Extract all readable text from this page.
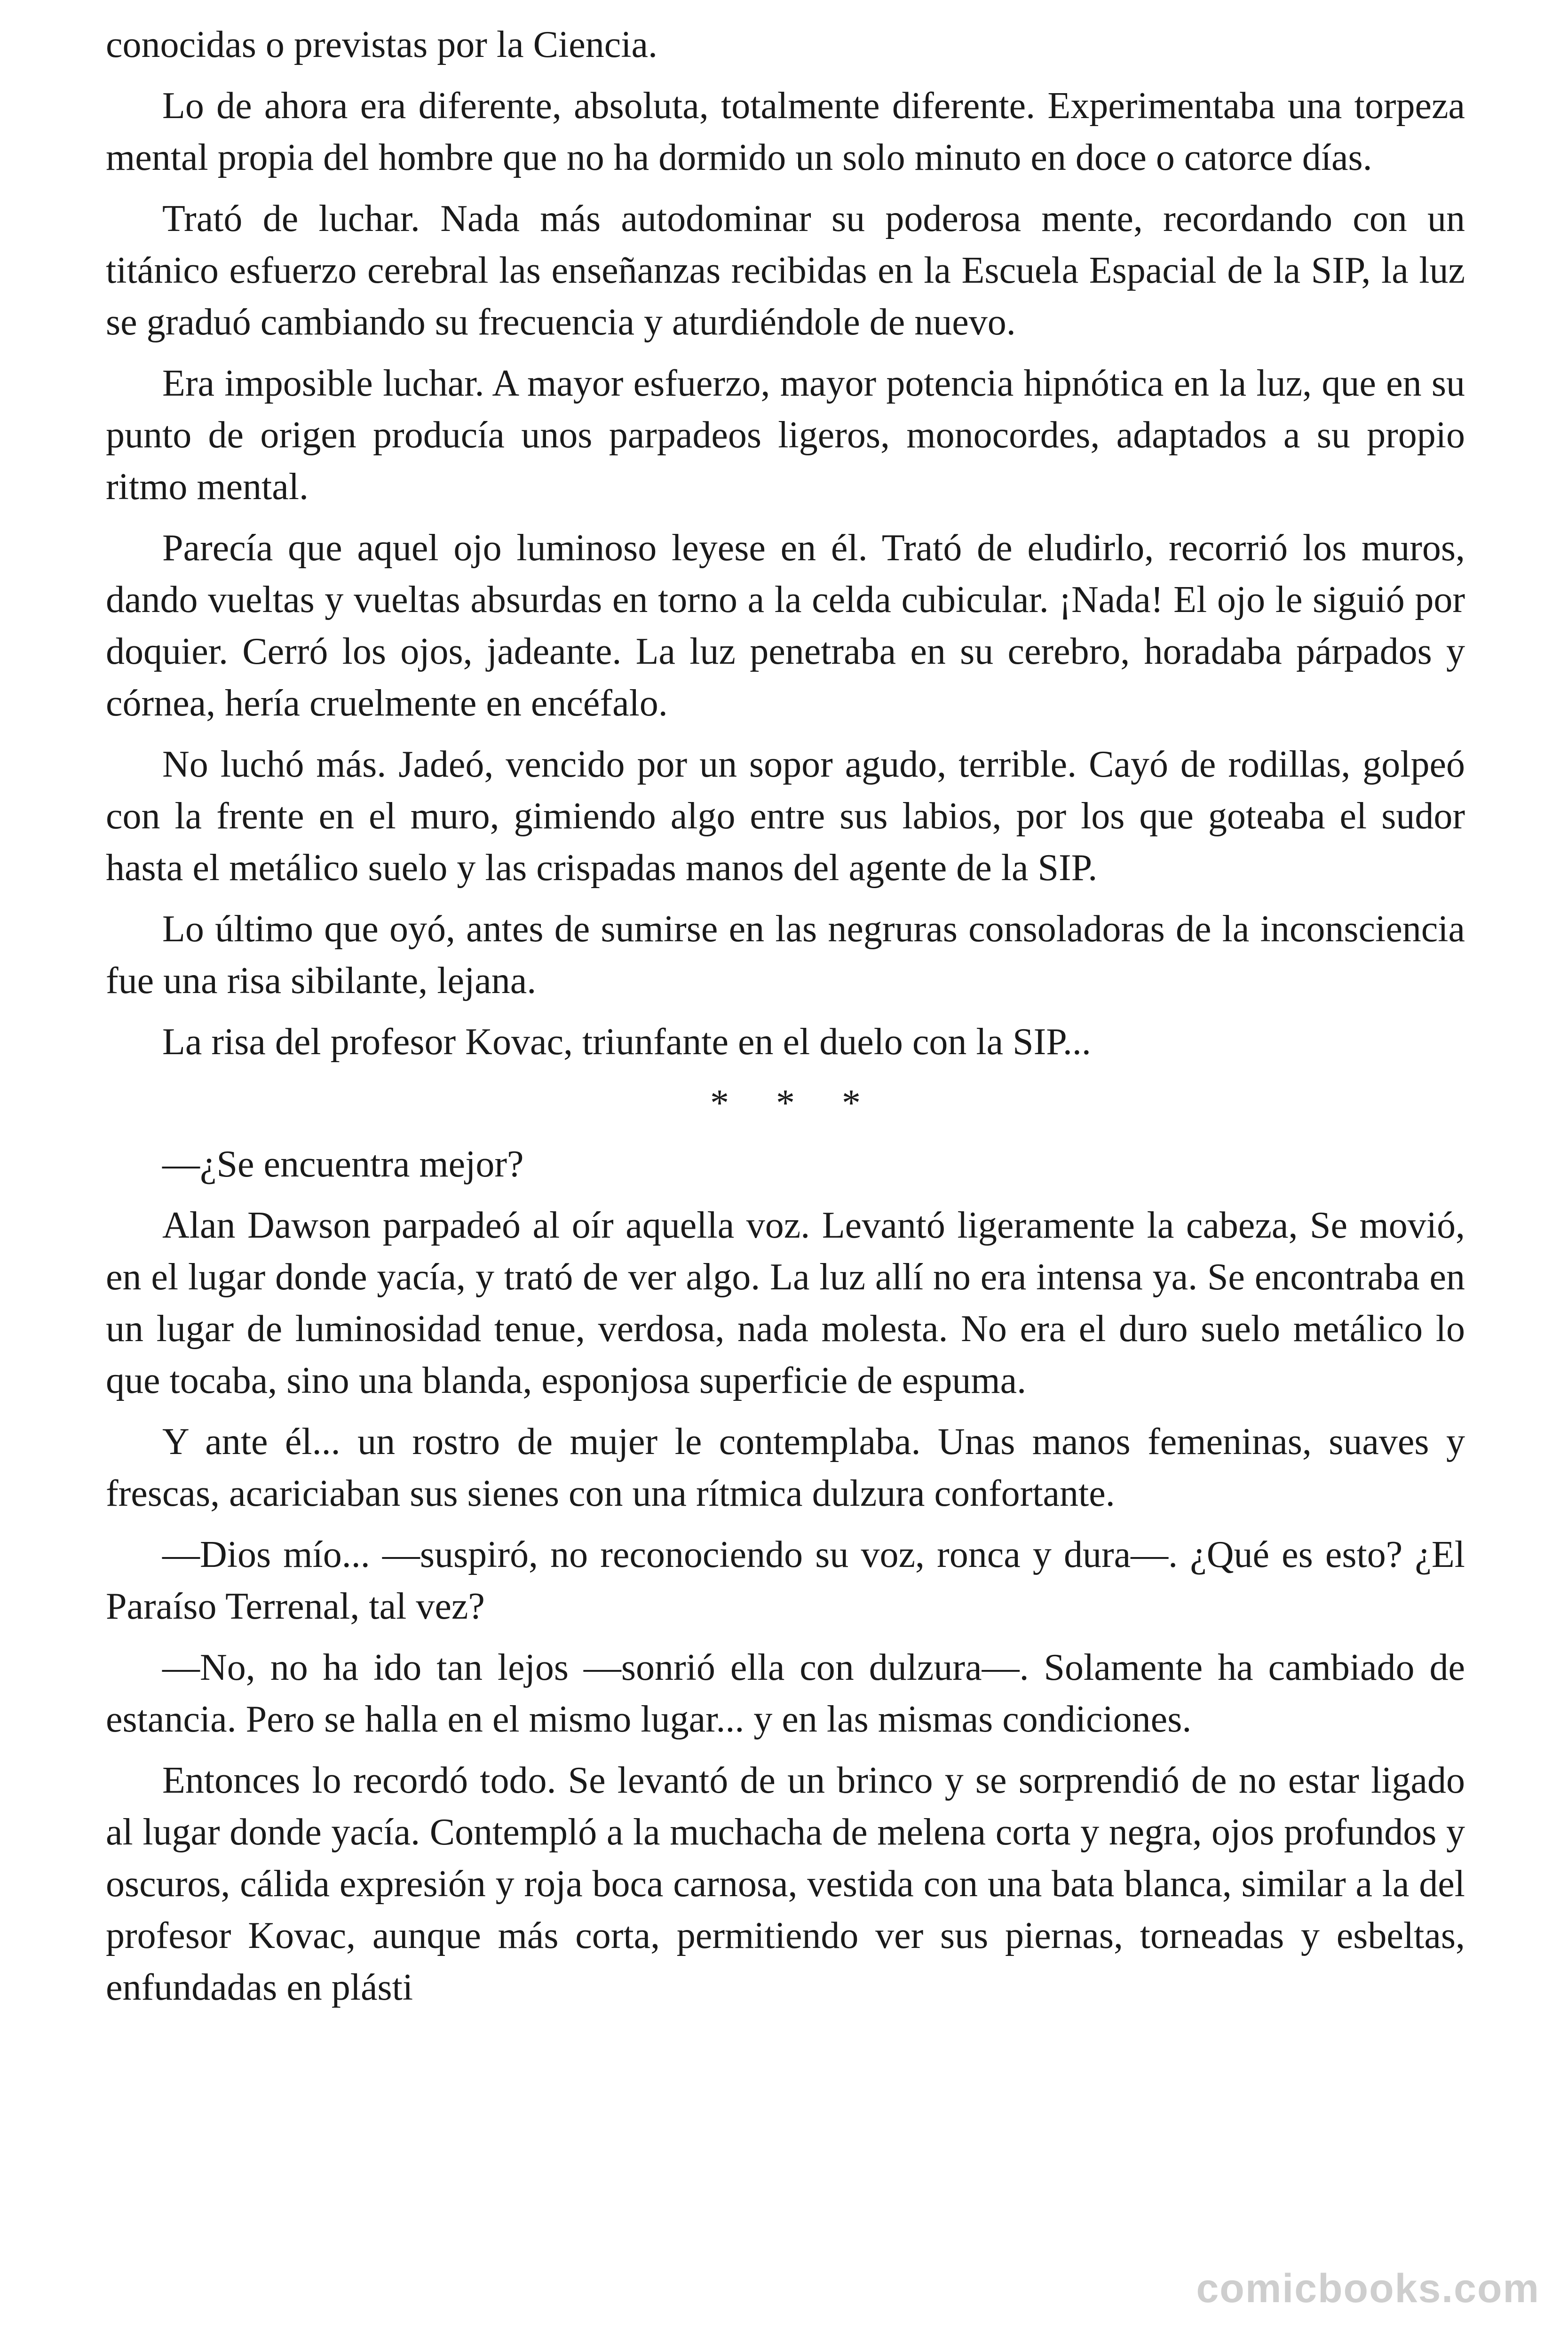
conocidas o previstas por la Ciencia.

Lo de ahora era diferente, absoluta, totalmente diferente. Experimentaba una torpeza mental propia del hombre que no ha dormido un solo minuto en doce o catorce días.

Trató de luchar. Nada más autodominar su poderosa mente, recordando con un titánico esfuerzo cerebral las enseñanzas recibidas en la Escuela Espacial de la SIP, la luz se graduó cambiando su frecuencia y aturdiéndole de nuevo.

Era imposible luchar. A mayor esfuerzo, mayor potencia hipnótica en la luz, que en su punto de origen producía unos parpadeos ligeros, monocordes, adaptados a su propio ritmo mental.

Parecía que aquel ojo luminoso leyese en él. Trató de eludirlo, recorrió los muros, dando vueltas y vueltas absurdas en torno a la celda cubicular. ¡Nada! El ojo le siguió por doquier. Cerró los ojos, jadeante. La luz penetraba en su cerebro, horadaba párpados y córnea, hería cruelmente en encéfalo.

No luchó más. Jadeó, vencido por un sopor agudo, terrible. Cayó de rodillas, golpeó con la frente en el muro, gimiendo algo entre sus labios, por los que goteaba el sudor hasta el metálico suelo y las crispadas manos del agente de la SIP.

Lo último que oyó, antes de sumirse en las negruras consoladoras de la inconsciencia fue una risa sibilante, lejana.

La risa del profesor Kovac, triunfante en el duelo con la SIP...

* * *

—¿Se encuentra mejor?

Alan Dawson parpadeó al oír aquella voz. Levantó ligeramente la cabeza, Se movió, en el lugar donde yacía, y trató de ver algo. La luz allí no era intensa ya. Se encontraba en un lugar de luminosidad tenue, verdosa, nada molesta. No era el duro suelo metálico lo que tocaba, sino una blanda, esponjosa superficie de espuma.

Y ante él... un rostro de mujer le contemplaba. Unas manos femeninas, suaves y frescas, acariciaban sus sienes con una rítmica dulzura confortante.

—Dios mío... —suspiró, no reconociendo su voz, ronca y dura—. ¿Qué es esto? ¿El Paraíso Terrenal, tal vez?

—No, no ha ido tan lejos —sonrió ella con dulzura—. Solamente ha cambiado de estancia. Pero se halla en el mismo lugar... y en las mismas condiciones.

Entonces lo recordó todo. Se levantó de un brinco y se sorprendió de no estar ligado al lugar donde yacía. Contempló a la muchacha de melena corta y negra, ojos profundos y oscuros, cálida expresión y roja boca carnosa, vestida con una bata blanca, similar a la del profesor Kovac, aunque más corta, permitiendo ver sus piernas, torneadas y esbeltas, enfundadas en plásti

comicbooks.com
